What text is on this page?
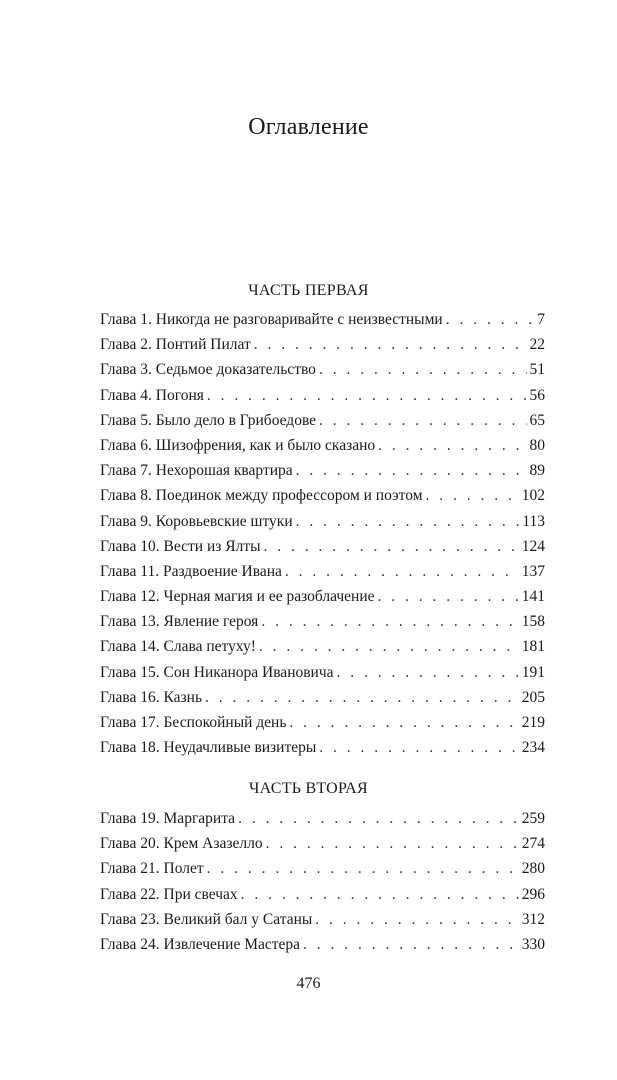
Оглавление
ЧАСТЬ ПЕРВАЯ
Глава 1. Никогда не разговаривайте с неизвестными . . .	7
Глава 2. Понтий Пилат . . .	22
Глава 3. Седьмое доказательство . . .	51
Глава 4. Погоня . . .	56
Глава 5. Было дело в Грибоедове . . .	65
Глава 6. Шизофрения, как и было сказано . . .	80
Глава 7. Нехорошая квартира . . .	89
Глава 8. Поединок между профессором и поэтом . . .	102
Глава 9. Коровьевские штуки . . .	113
Глава 10. Вести из Ялты . . .	124
Глава 11. Раздвоение Ивана . . .	137
Глава 12. Черная магия и ее разоблачение . . .	141
Глава 13. Явление героя . . .	158
Глава 14. Слава петуху! . . .	181
Глава 15. Сон Никанора Ивановича . . .	191
Глава 16. Казнь . . .	205
Глава 17. Беспокойный день . . .	219
Глава 18. Неудачливые визитеры . . .	234
ЧАСТЬ ВТОРАЯ
Глава 19. Маргарита . . .	259
Глава 20. Крем Азазелло . . .	274
Глава 21. Полет . . .	280
Глава 22. При свечах . . .	296
Глава 23. Великий бал у Сатаны . . .	312
Глава 24. Извлечение Мастера . . .	330
476
